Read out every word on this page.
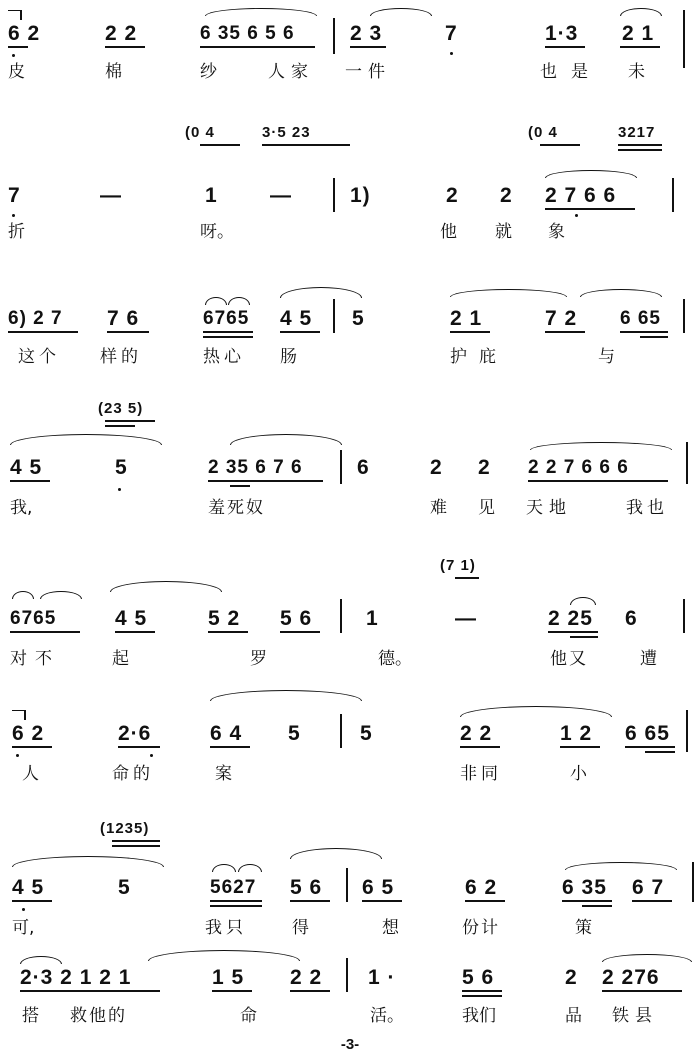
6 2	2 2	6 35 6 5 6	2 3	7	1·3 2 1
皮	棉	纱	人家 一件	也是 未
(0 4	3·5 23	(0 4	3217
7	—	1 —	1)	2 2 2 7 6 6
折	呀。	他 就 象
6) 2 7 7 6	6765 4 5 5	2 1	7 2 6 65
这个 样的	热心 肠	护庇	与
(23 5)
4 5	5	2 35 6 7 6	6	2 2 2 2 7 6 6 6
我,	羞死奴	难 见 天地	我也
(7 1)
6765	4 5	5 2 5 6	1	—	2 25 6
对不	起	罗	德。	他又	遭
6 2	2·6	6 4 5	5	2 2	1 2 6 65
人	命的	案	非同	小
(1235)
4 5	5	5627 5 6 6 5	6 2	6 35 6 7
可,	我只	得	想	份计	策
2·3 2 1 2 1	1 5 2 2 1 ·	5 6	2 2 276
搭 救他的	命	活。	我们	品 铁县
-3-
